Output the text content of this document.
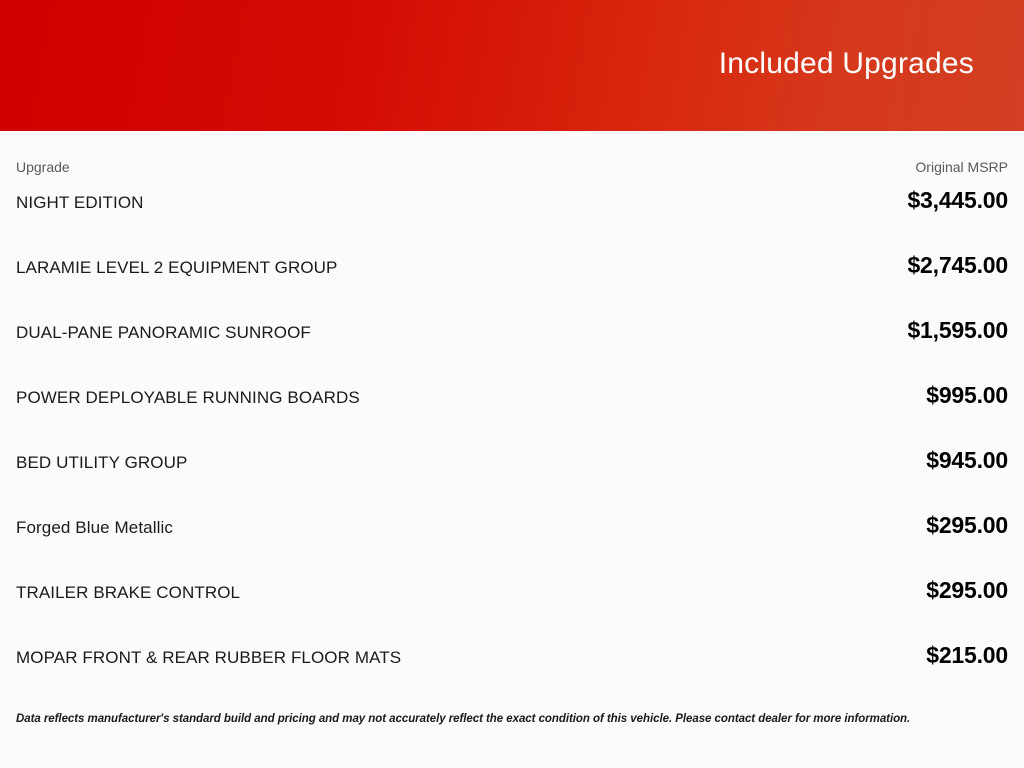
Included Upgrades
Upgrade	Original MSRP
NIGHT EDITION	$3,445.00
LARAMIE LEVEL 2 EQUIPMENT GROUP	$2,745.00
DUAL-PANE PANORAMIC SUNROOF	$1,595.00
POWER DEPLOYABLE RUNNING BOARDS	$995.00
BED UTILITY GROUP	$945.00
Forged Blue Metallic	$295.00
TRAILER BRAKE CONTROL	$295.00
MOPAR FRONT & REAR RUBBER FLOOR MATS	$215.00
Data reflects manufacturer's standard build and pricing and may not accurately reflect the exact condition of this vehicle. Please contact dealer for more information.
